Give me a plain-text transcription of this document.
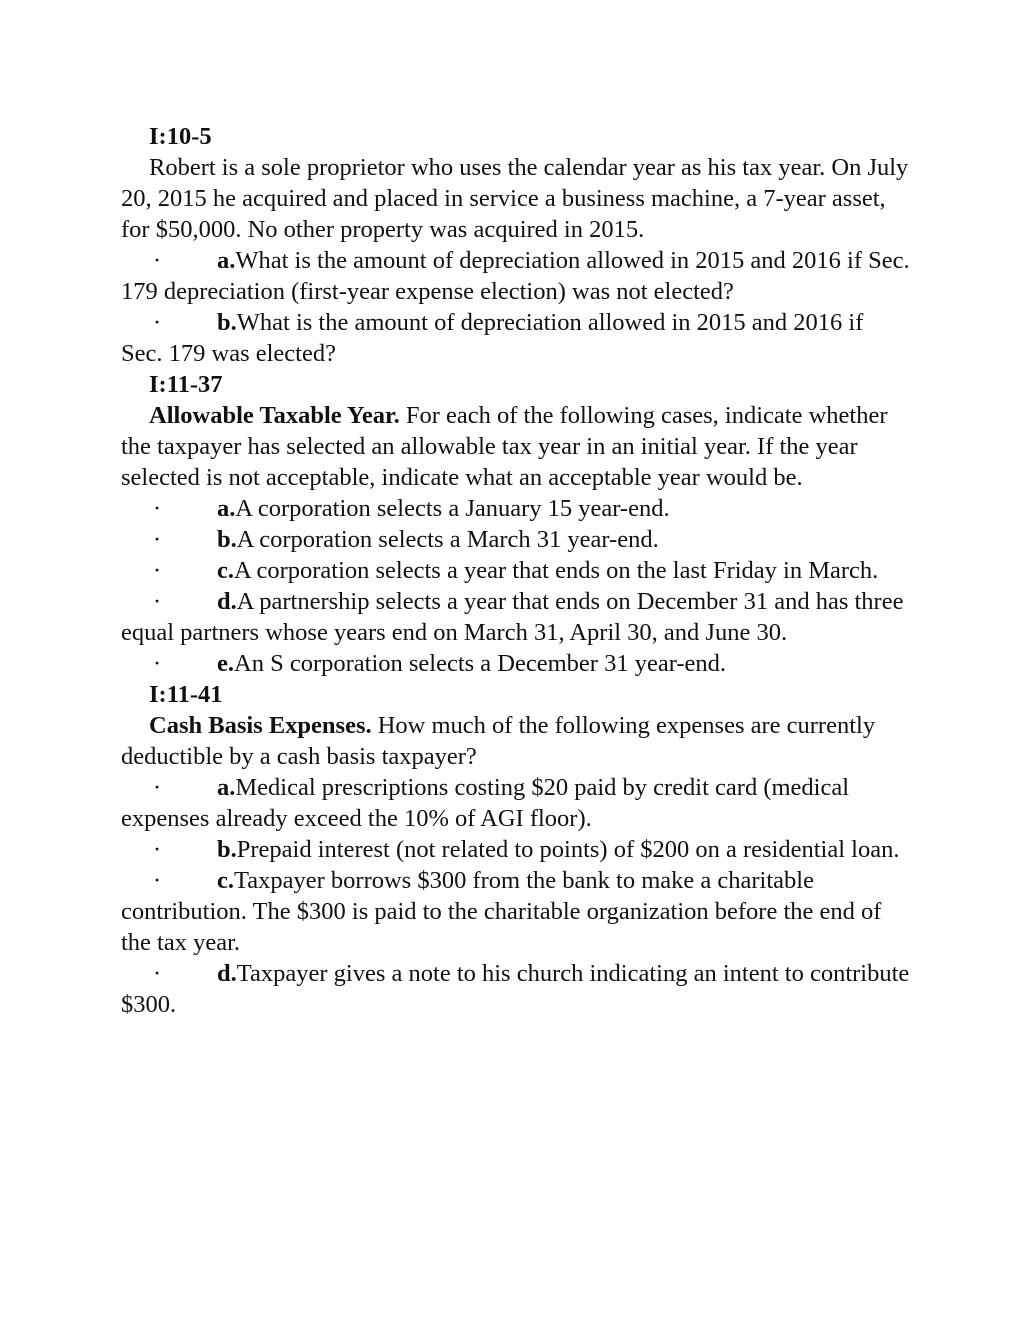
I:10-5
Robert is a sole proprietor who uses the calendar year as his tax year. On July 20, 2015 he acquired and placed in service a business machine, a 7-year asset, for $50,000. No other property was acquired in 2015.
· a.What is the amount of depreciation allowed in 2015 and 2016 if Sec. 179 depreciation (first-year expense election) was not elected?
· b.What is the amount of depreciation allowed in 2015 and 2016 if Sec. 179 was elected?
I:11-37
Allowable Taxable Year. For each of the following cases, indicate whether the taxpayer has selected an allowable tax year in an initial year. If the year selected is not acceptable, indicate what an acceptable year would be.
· a.A corporation selects a January 15 year-end.
· b.A corporation selects a March 31 year-end.
· c.A corporation selects a year that ends on the last Friday in March.
· d.A partnership selects a year that ends on December 31 and has three equal partners whose years end on March 31, April 30, and June 30.
· e.An S corporation selects a December 31 year-end.
I:11-41
Cash Basis Expenses. How much of the following expenses are currently deductible by a cash basis taxpayer?
· a.Medical prescriptions costing $20 paid by credit card (medical expenses already exceed the 10% of AGI floor).
· b.Prepaid interest (not related to points) of $200 on a residential loan.
· c.Taxpayer borrows $300 from the bank to make a charitable contribution. The $300 is paid to the charitable organization before the end of the tax year.
· d.Taxpayer gives a note to his church indicating an intent to contribute $300.
